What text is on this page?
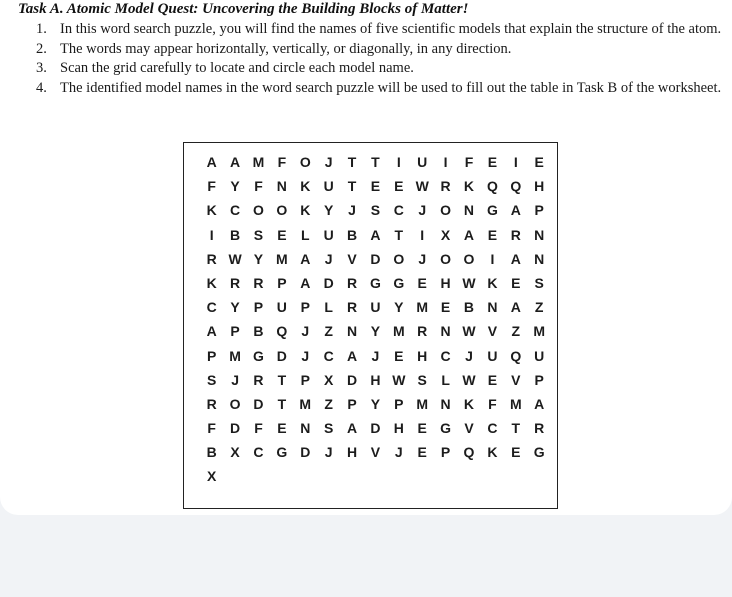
Task A. Atomic Model Quest: Uncovering the Building Blocks of Matter!
1. In this word search puzzle, you will find the names of five scientific models that explain the structure of the atom.
2. The words may appear horizontally, vertically, or diagonally, in any direction.
3. Scan the grid carefully to locate and circle each model name.
4. The identified model names in the word search puzzle will be used to fill out the table in Task B of the worksheet.
A A M F O	J	T	T	I	U	I	F	E	I	E
F	Y	F	N K U	T	E	E W R K Q Q H
K C O O K Y	J	S C	J	O N G A P
I	B S	E	L	U B A	T	I	X A E R N
R W Y M A	J	V D O	J	O O	I	A N
K R R P A D R G G E H W K E	S
C Y	P U P	L	R U Y M E B N A	Z
A P B Q	J	Z	N Y M R N W V	Z M
P M G D	J	C A	J	E H C	J	U Q U
S	J	R	T	P	X D H W S	L W E	V	P
R O D	T M Z	P	Y	P M N K	F M A
F	D	F	E N S A D H E G V C	T	R
B X C G D	J	H V	J	E	P Q K E G
X
